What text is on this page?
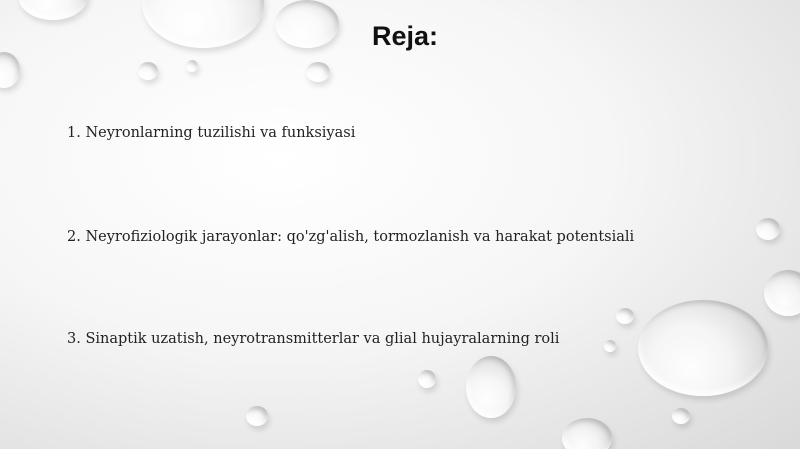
Reja:
1. Neyronlarning tuzilishi va funksiyasi
2. Neyrofiziologik jarayonlar: qo'zg'alish, tormozlanish va harakat potentsiali
3. Sinaptik uzatish, neyrotransmitterlar va glial hujayralarning roli
